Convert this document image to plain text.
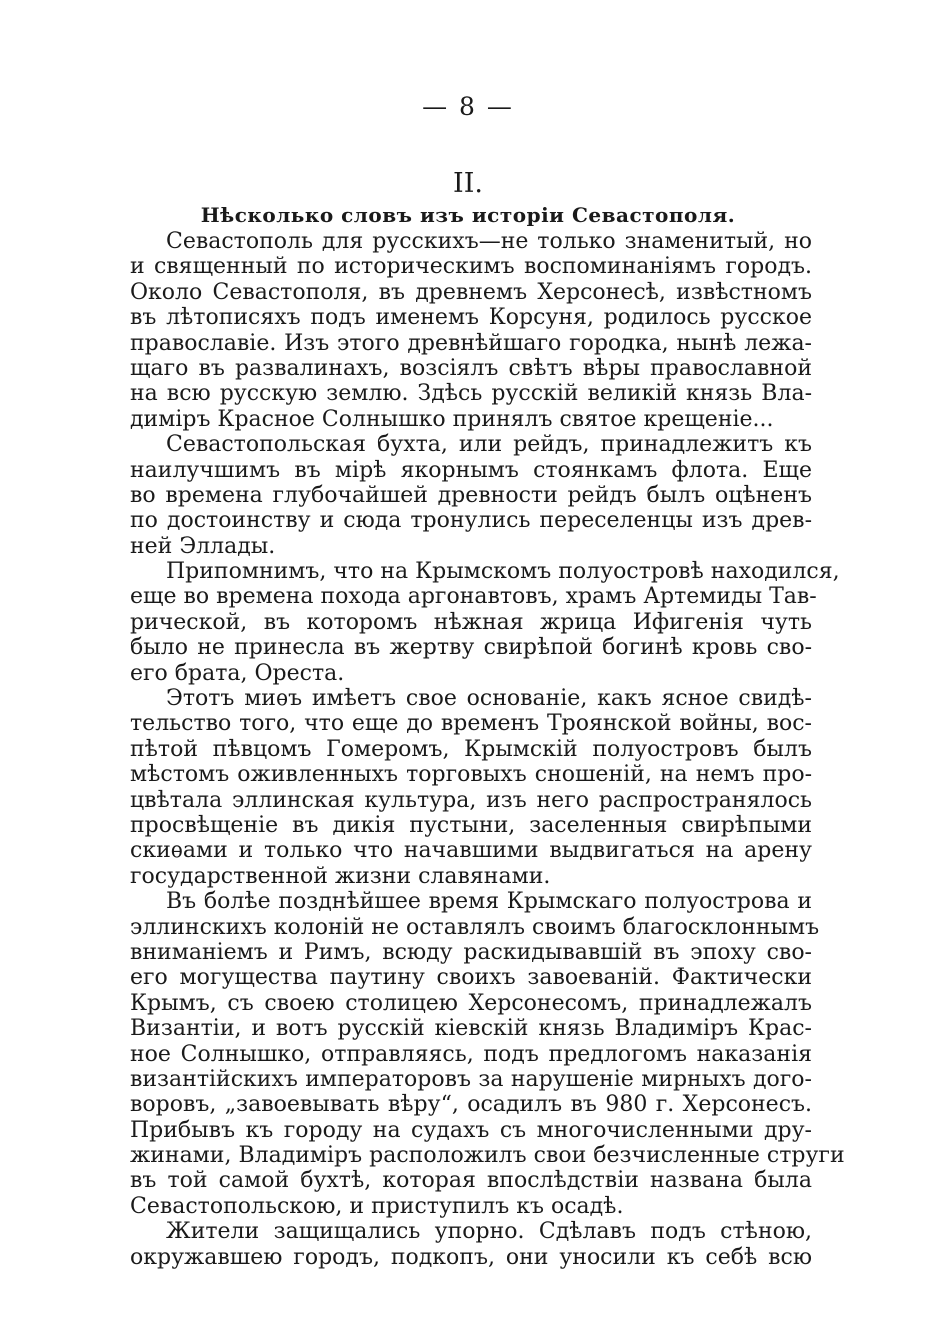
— 8 —
II.
Нѣсколько словъ изъ исторіи Севастополя.
Севастополь для русскихъ—не только знаменитый, но
и священный по историческимъ воспоминаніямъ городъ.
Около Севастополя, въ древнемъ Херсонесѣ, извѣстномъ
въ лѣтописяхъ подъ именемъ Корсуня, родилось русское
православіе. Изъ этого древнѣйшаго городка, нынѣ лежа-
щаго въ развалинахъ, возсіялъ свѣтъ вѣры православной
на всю русскую землю. Здѣсь русскій великій князь Вла-
диміръ Красное Солнышко принялъ святое крещеніе...
Севастопольская бухта, или рейдъ, принадлежитъ къ
наилучшимъ въ мірѣ якорнымъ стоянкамъ флота. Еще
во времена глубочайшей древности рейдъ былъ оцѣненъ
по достоинству и сюда тронулись переселенцы изъ древ-
ней Эллады.
Припомнимъ, что на Крымскомъ полуостровѣ находился,
еще во времена похода аргонавтовъ, храмъ Артемиды Тав-
рической, въ которомъ нѣжная жрица Ифигенія чуть
было не принесла въ жертву свирѣпой богинѣ кровь сво-
его брата, Ореста.
Этотъ миѳъ имѣетъ свое основаніе, какъ ясное свидѣ-
тельство того, что еще до временъ Троянской войны, вос-
пѣтой пѣвцомъ Гомеромъ, Крымскій полуостровъ былъ
мѣстомъ оживленныхъ торговыхъ сношеній, на немъ про-
цвѣтала эллинская культура, изъ него распространялось
просвѣщеніе въ дикія пустыни, заселенныя свирѣпыми
скиѳами и только что начавшими выдвигаться на арену
государственной жизни славянами.
Въ болѣе позднѣйшее время Крымскаго полуострова и
эллинскихъ колоній не оставлялъ своимъ благосклоннымъ
вниманіемъ и Римъ, всюду раскидывавшій въ эпоху сво-
его могущества паутину своихъ завоеваній. Фактически
Крымъ, съ своею столицею Херсонесомъ, принадлежалъ
Византіи, и вотъ русскій кіевскій князь Владиміръ Крас-
ное Солнышко, отправляясь, подъ предлогомъ наказанія
византійскихъ императоровъ за нарушеніе мирныхъ дого-
воровъ, „завоевывать вѣру“, осадилъ въ 980 г. Херсонесъ.
Прибывъ къ городу на судахъ съ многочисленными дру-
жинами, Владиміръ расположилъ свои безчисленные струги
въ той самой бухтѣ, которая впослѣдствіи названа была
Севастопольскою, и приступилъ къ осадѣ.
Жители защищались упорно. Сдѣлавъ подъ стѣною,
окружавшею городъ, подкопъ, они уносили къ себѣ всю
